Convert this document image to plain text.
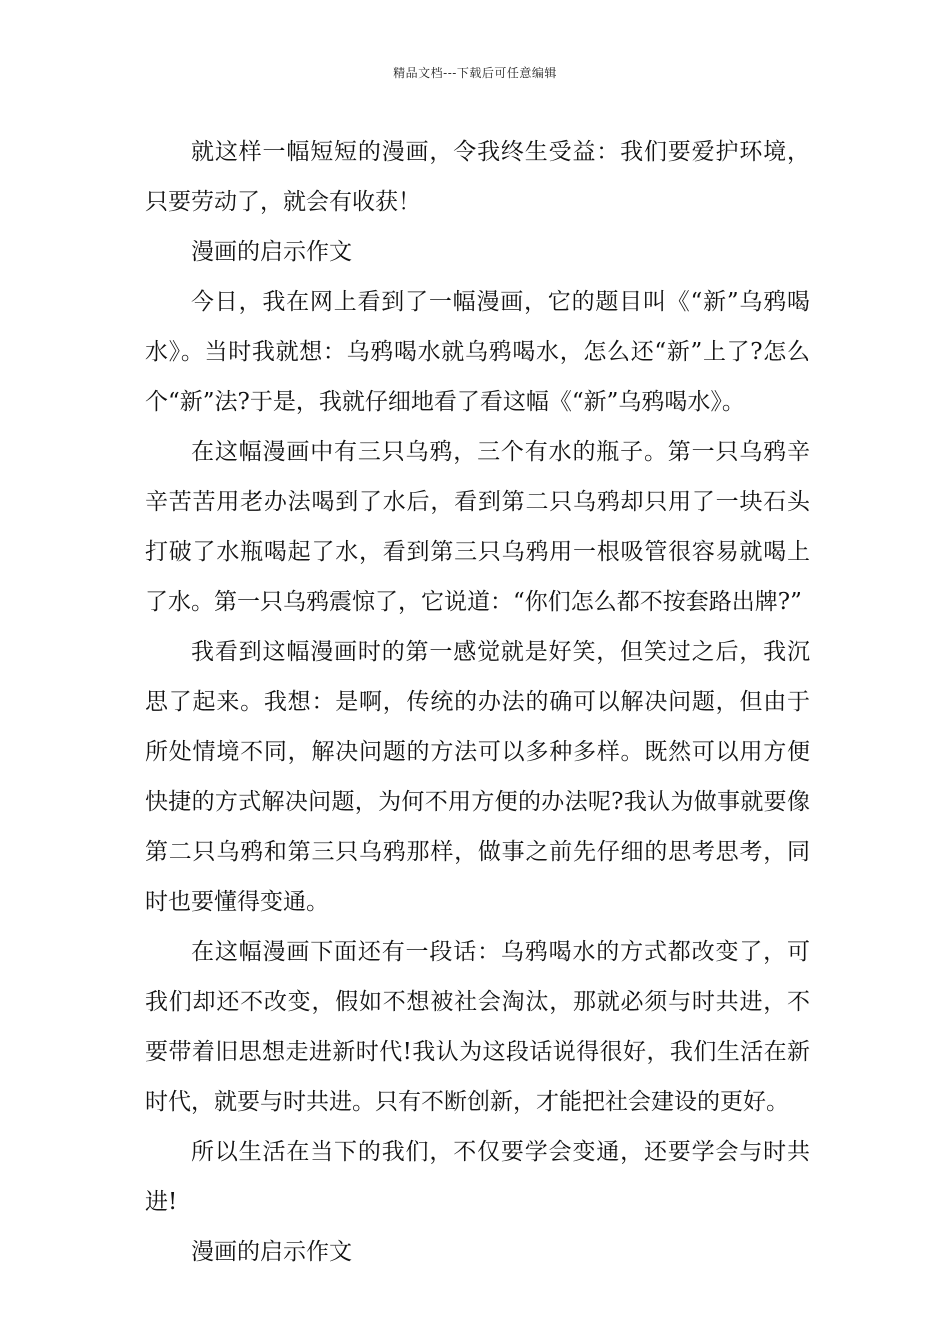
精品文档---下载后可任意编辑

就这样一幅短短的漫画，令我终生受益：我们要爱护环境，只要劳动了，就会有收获！

漫画的启示作文

今日，我在网上看到了一幅漫画，它的题目叫《“新”乌鸦喝水》。当时我就想：乌鸦喝水就乌鸦喝水，怎么还“新”上了?怎么个“新”法?于是，我就仔细地看了看这幅《“新”乌鸦喝水》。

在这幅漫画中有三只乌鸦，三个有水的瓶子。第一只乌鸦辛辛苦苦用老办法喝到了水后，看到第二只乌鸦却只用了一块石头打破了水瓶喝起了水，看到第三只乌鸦用一根吸管很容易就喝上了水。第一只乌鸦震惊了，它说道：“你们怎么都不按套路出牌?”

我看到这幅漫画时的第一感觉就是好笑，但笑过之后，我沉思了起来。我想：是啊，传统的办法的确可以解决问题，但由于所处情境不同，解决问题的方法可以多种多样。既然可以用方便快捷的方式解决问题，为何不用方便的办法呢?我认为做事就要像第二只乌鸦和第三只乌鸦那样，做事之前先仔细的思考思考，同时也要懂得变通。

在这幅漫画下面还有一段话：乌鸦喝水的方式都改变了，可我们却还不改变，假如不想被社会淘汰，那就必须与时共进，不要带着旧思想走进新时代!我认为这段话说得很好，我们生活在新时代，就要与时共进。只有不断创新，才能把社会建设的更好。

所以生活在当下的我们，不仅要学会变通，还要学会与时共进!

漫画的启示作文
